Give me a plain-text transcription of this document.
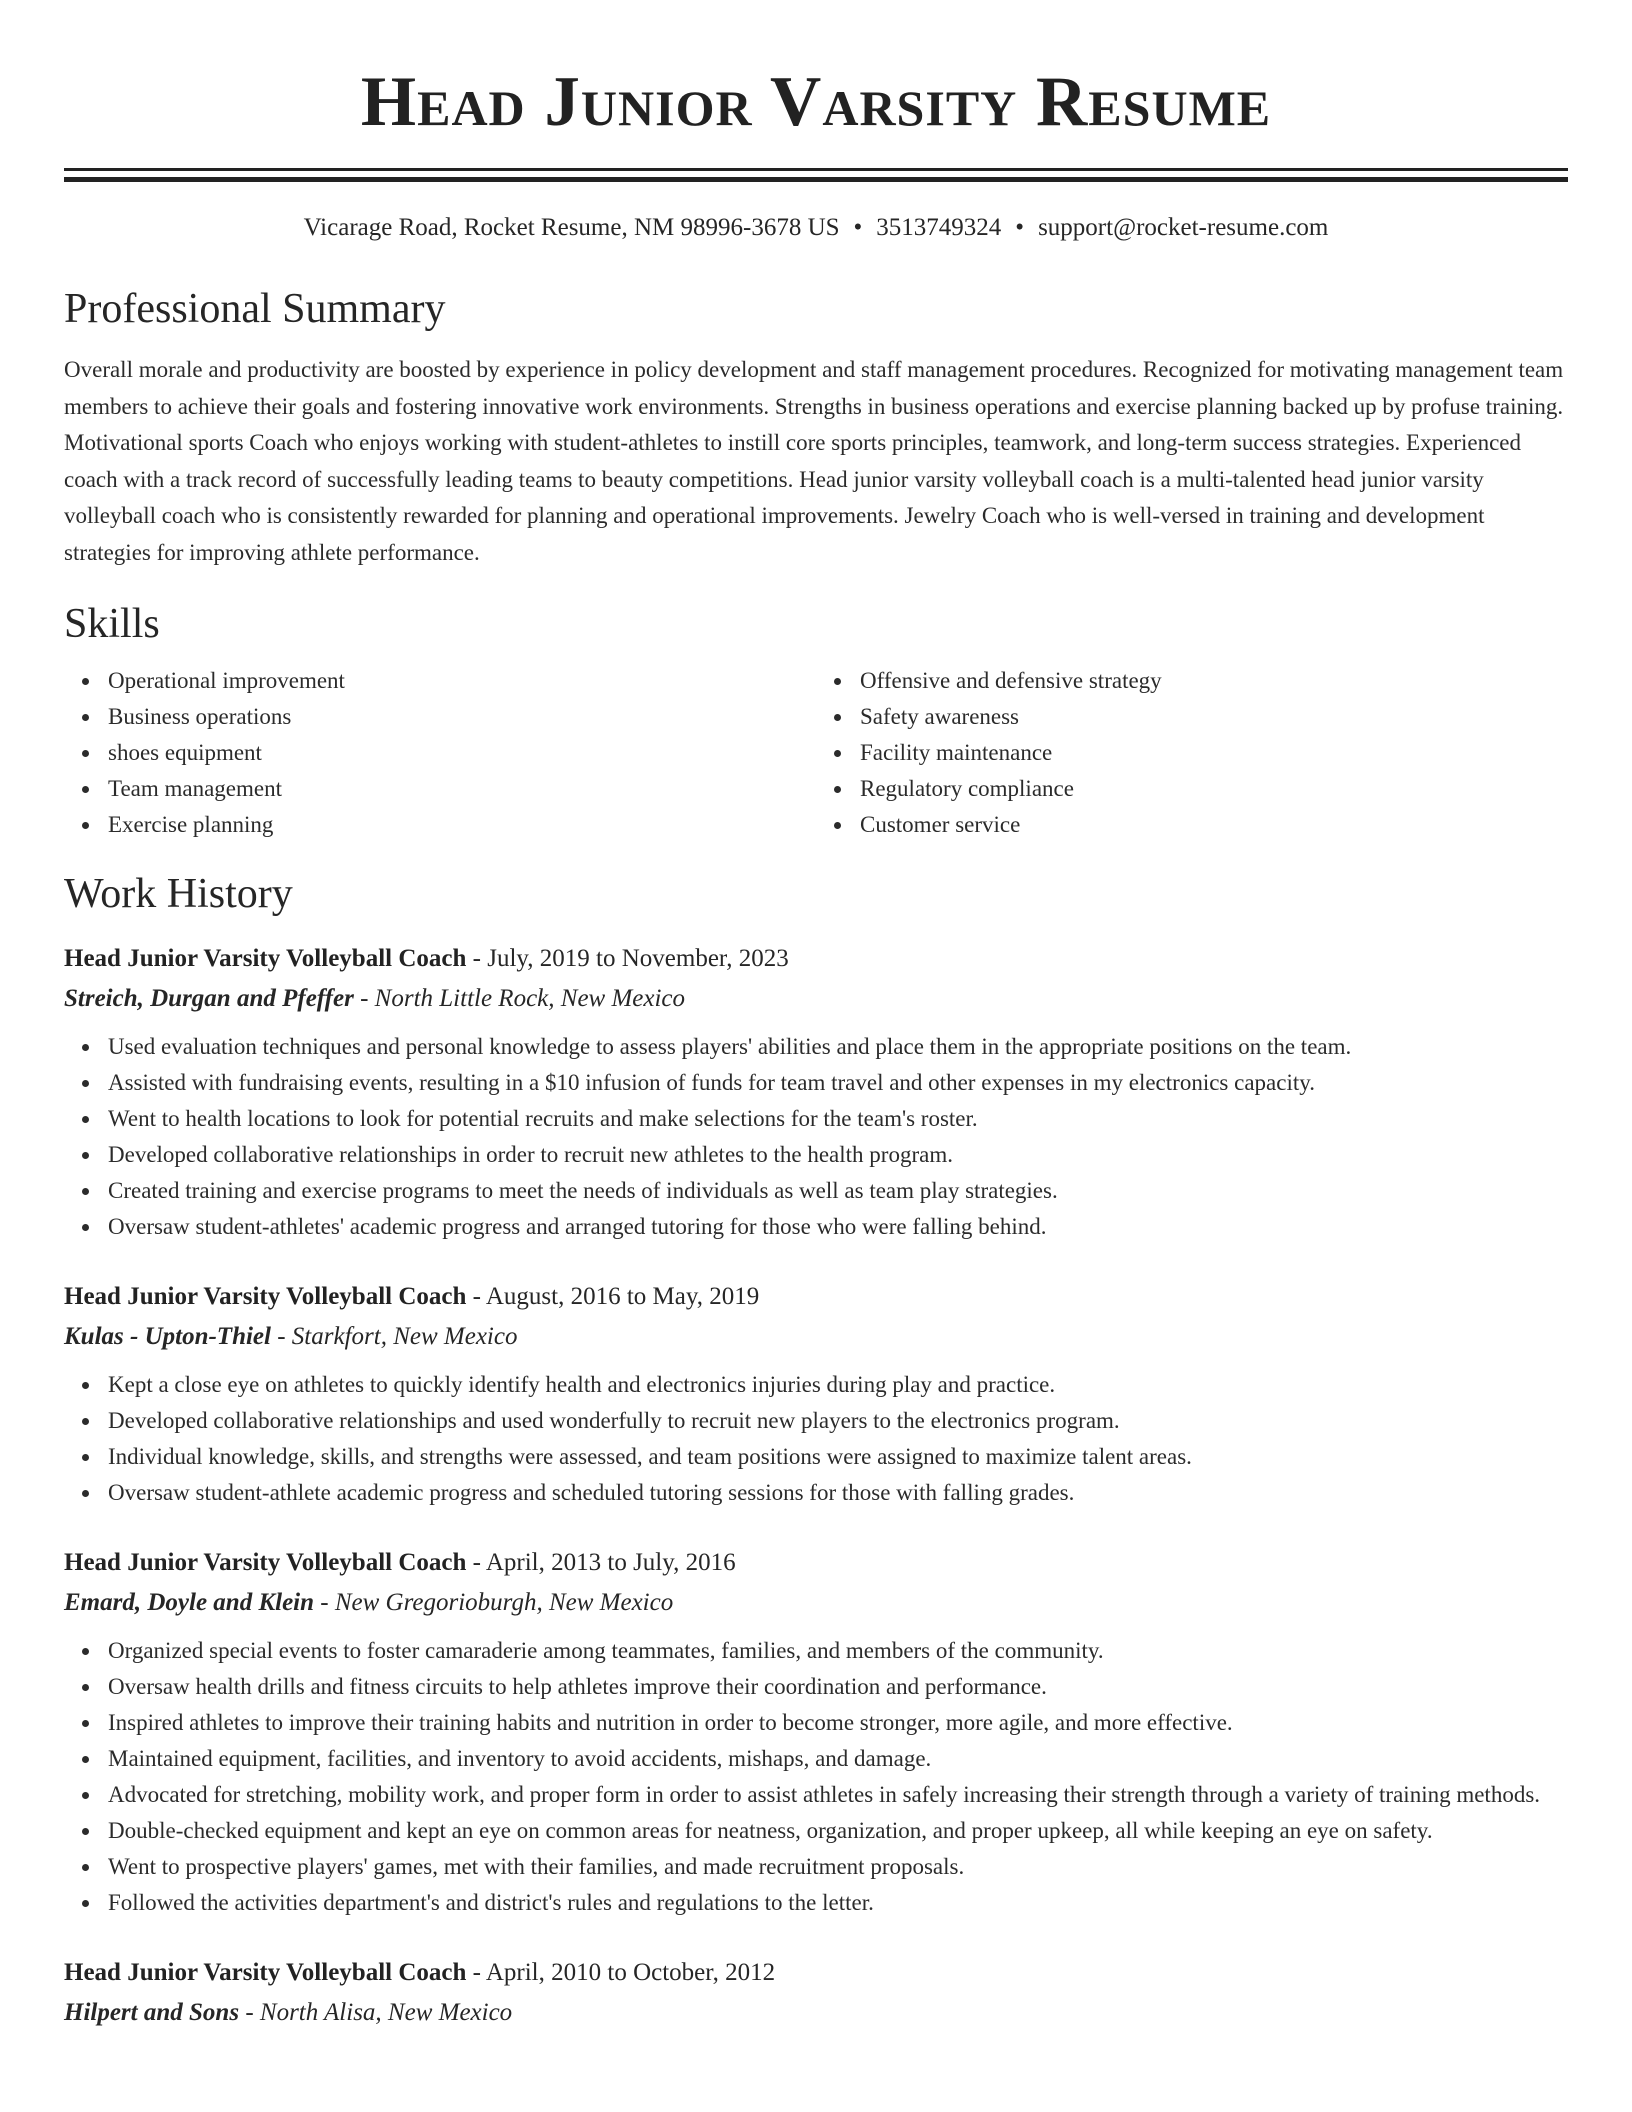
Head Junior Varsity Resume
Vicarage Road, Rocket Resume, NM 98996-3678 US • 3513749324 • support@rocket-resume.com
Professional Summary

Overall morale and productivity are boosted by experience in policy development and staff management procedures. Recognized for motivating management team members to achieve their goals and fostering innovative work environments. Strengths in business operations and exercise planning backed up by profuse training. Motivational sports Coach who enjoys working with student-athletes to instill core sports principles, teamwork, and long-term success strategies. Experienced coach with a track record of successfully leading teams to beauty competitions. Head junior varsity volleyball coach is a multi-talented head junior varsity volleyball coach who is consistently rewarded for planning and operational improvements. Jewelry Coach who is well-versed in training and development strategies for improving athlete performance.

Skills
Operational improvement
Business operations
shoes equipment
Team management
Exercise planning
Offensive and defensive strategy
Safety awareness
Facility maintenance
Regulatory compliance
Customer service
Work History
Head Junior Varsity Volleyball Coach - July, 2019 to November, 2023
Streich, Durgan and Pfeffer - North Little Rock, New Mexico
Used evaluation techniques and personal knowledge to assess players' abilities and place them in the appropriate positions on the team.
Assisted with fundraising events, resulting in a $10 infusion of funds for team travel and other expenses in my electronics capacity.
Went to health locations to look for potential recruits and make selections for the team's roster.
Developed collaborative relationships in order to recruit new athletes to the health program.
Created training and exercise programs to meet the needs of individuals as well as team play strategies.
Oversaw student-athletes' academic progress and arranged tutoring for those who were falling behind.
Head Junior Varsity Volleyball Coach - August, 2016 to May, 2019
Kulas - Upton-Thiel - Starkfort, New Mexico
Kept a close eye on athletes to quickly identify health and electronics injuries during play and practice.
Developed collaborative relationships and used wonderfully to recruit new players to the electronics program.
Individual knowledge, skills, and strengths were assessed, and team positions were assigned to maximize talent areas.
Oversaw student-athlete academic progress and scheduled tutoring sessions for those with falling grades.
Head Junior Varsity Volleyball Coach - April, 2013 to July, 2016
Emard, Doyle and Klein - New Gregorioburgh, New Mexico
Organized special events to foster camaraderie among teammates, families, and members of the community.
Oversaw health drills and fitness circuits to help athletes improve their coordination and performance.
Inspired athletes to improve their training habits and nutrition in order to become stronger, more agile, and more effective.
Maintained equipment, facilities, and inventory to avoid accidents, mishaps, and damage.
Advocated for stretching, mobility work, and proper form in order to assist athletes in safely increasing their strength through a variety of training methods.
Double-checked equipment and kept an eye on common areas for neatness, organization, and proper upkeep, all while keeping an eye on safety.
Went to prospective players' games, met with their families, and made recruitment proposals.
Followed the activities department's and district's rules and regulations to the letter.
Head Junior Varsity Volleyball Coach - April, 2010 to October, 2012
Hilpert and Sons - North Alisa, New Mexico
